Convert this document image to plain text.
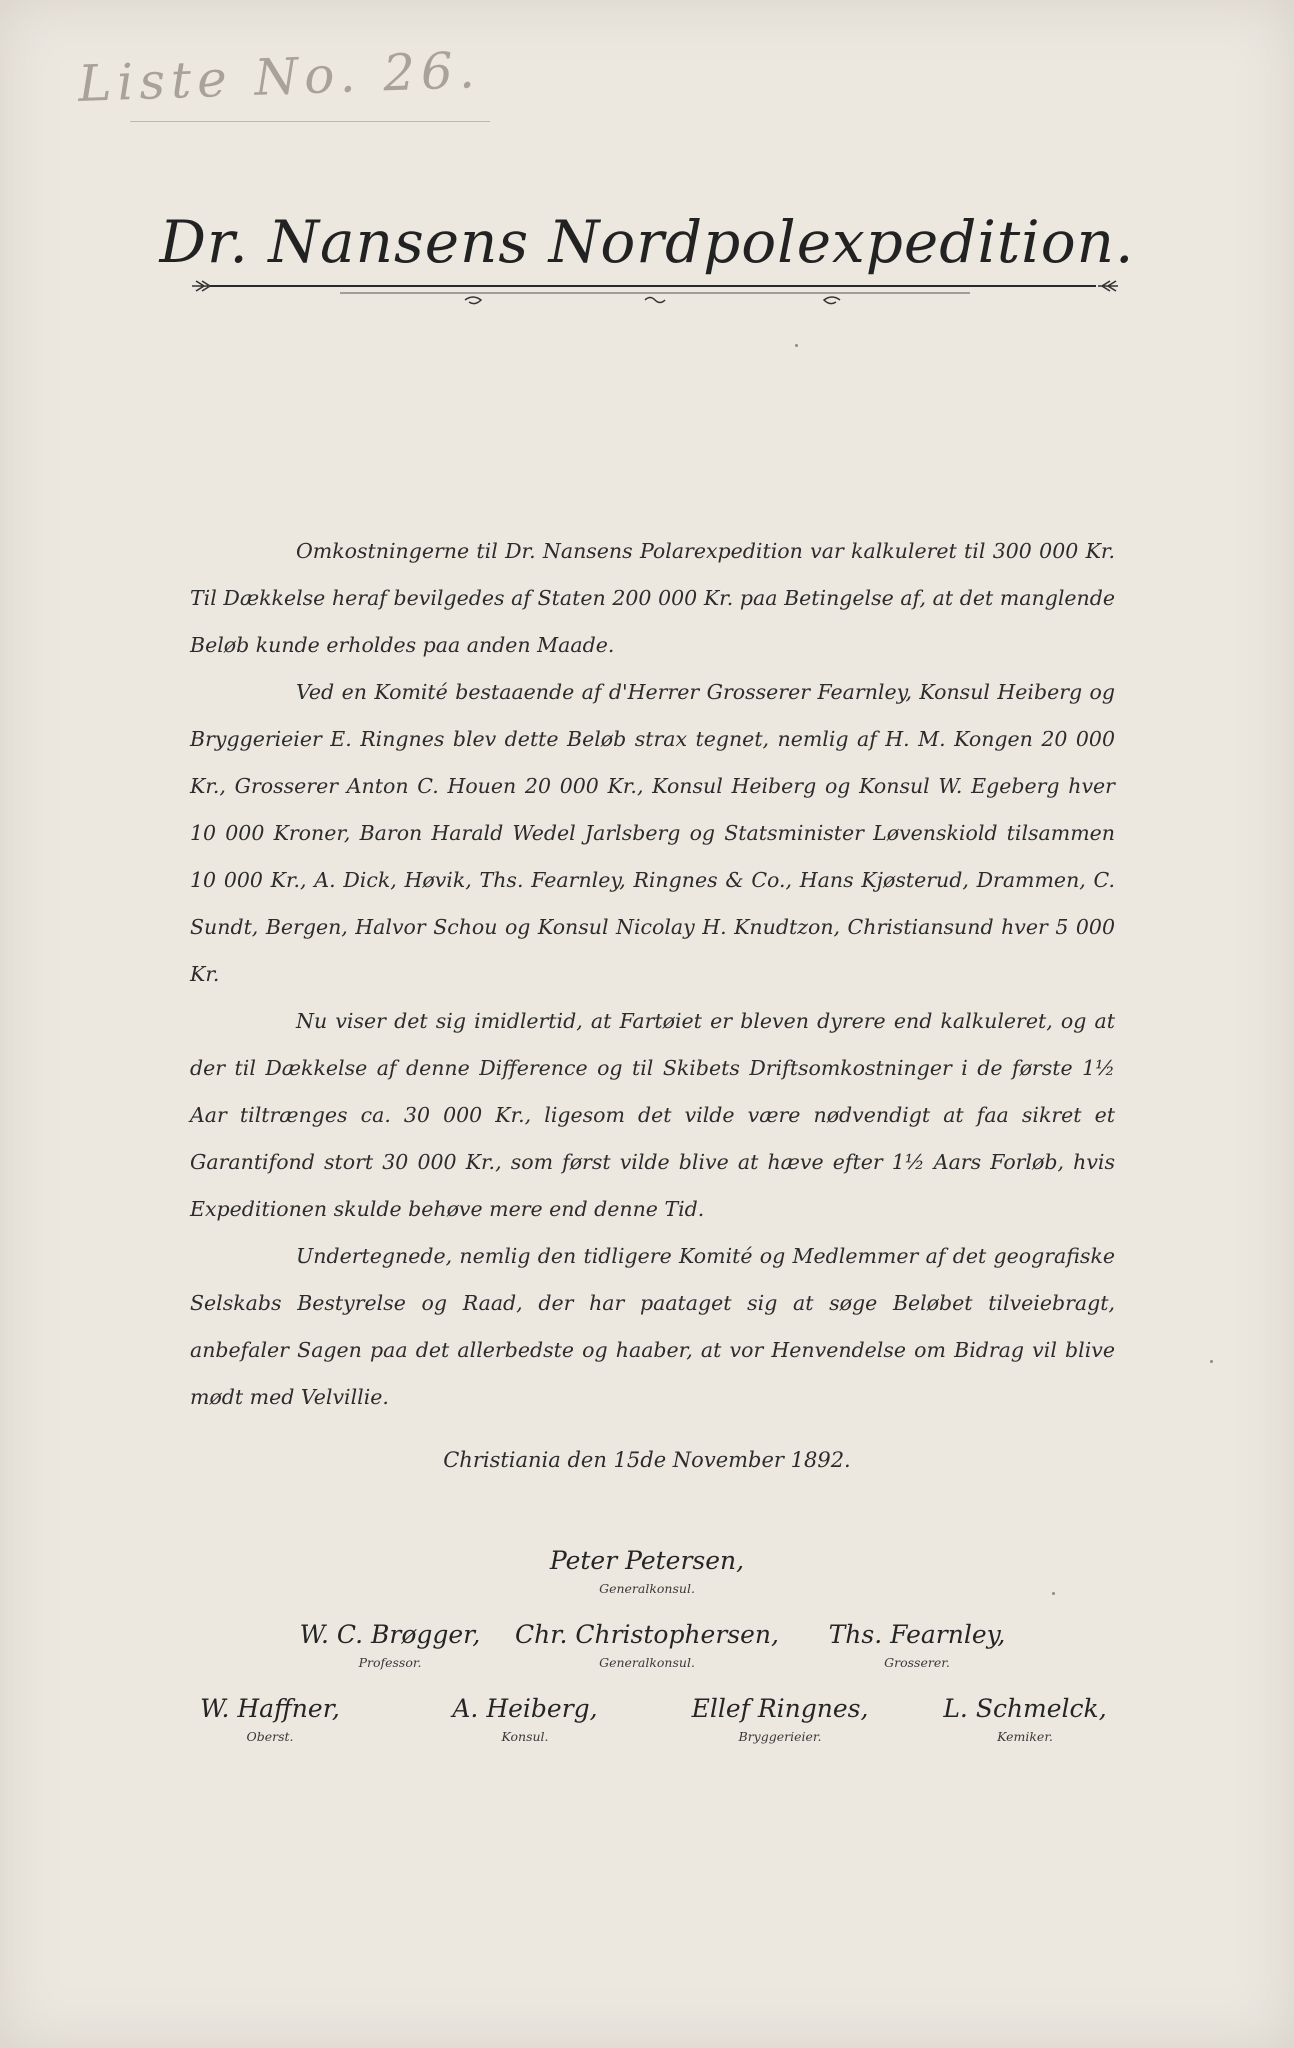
Liste No. 26.
Dr. Nansens Nordpolexpedition.

Omkostningerne til Dr. Nansens Polarexpedition var kalkuleret til 300 000 Kr. Til Dækkelse heraf bevilgedes af Staten 200 000 Kr. paa Betingelse af, at det manglende Beløb kunde erholdes paa anden Maade.

Ved en Komité bestaaende af d'Herrer Grosserer Fearnley, Konsul Heiberg og Bryggerieier E. Ringnes blev dette Beløb strax tegnet, nemlig af H. M. Kongen 20 000 Kr., Grosserer Anton C. Houen 20 000 Kr., Konsul Heiberg og Konsul W. Egeberg hver 10 000 Kroner, Baron Harald Wedel Jarlsberg og Statsminister Løvenskiold tilsammen 10 000 Kr., A. Dick, Høvik, Ths. Fearnley, Ringnes & Co., Hans Kjøsterud, Drammen, C. Sundt, Bergen, Halvor Schou og Konsul Nicolay H. Knudtzon, Christiansund hver 5 000 Kr.

Nu viser det sig imidlertid, at Fartøiet er bleven dyrere end kalkuleret, og at der til Dækkelse af denne Difference og til Skibets Driftsomkostninger i de første 1½ Aar tiltrænges ca. 30 000 Kr., ligesom det vilde være nødvendigt at faa sikret et Garantifond stort 30 000 Kr., som først vilde blive at hæve efter 1½ Aars Forløb, hvis Expeditionen skulde behøve mere end denne Tid.

Undertegnede, nemlig den tidligere Komité og Medlemmer af det geografiske Selskabs Bestyrelse og Raad, der har paataget sig at søge Beløbet tilveiebragt, anbefaler Sagen paa det allerbedste og haaber, at vor Henvendelse om Bidrag vil blive mødt med Velvillie.

Christiania den 15de November 1892.
Peter Petersen,
Generalkonsul.
W. C. Brøgger,
Professor.
Chr. Christophersen,
Generalkonsul.
Ths. Fearnley,
Grosserer.
W. Haffner,
Oberst.
A. Heiberg,
Konsul.
Ellef Ringnes,
Bryggerieier.
L. Schmelck,
Kemiker.
